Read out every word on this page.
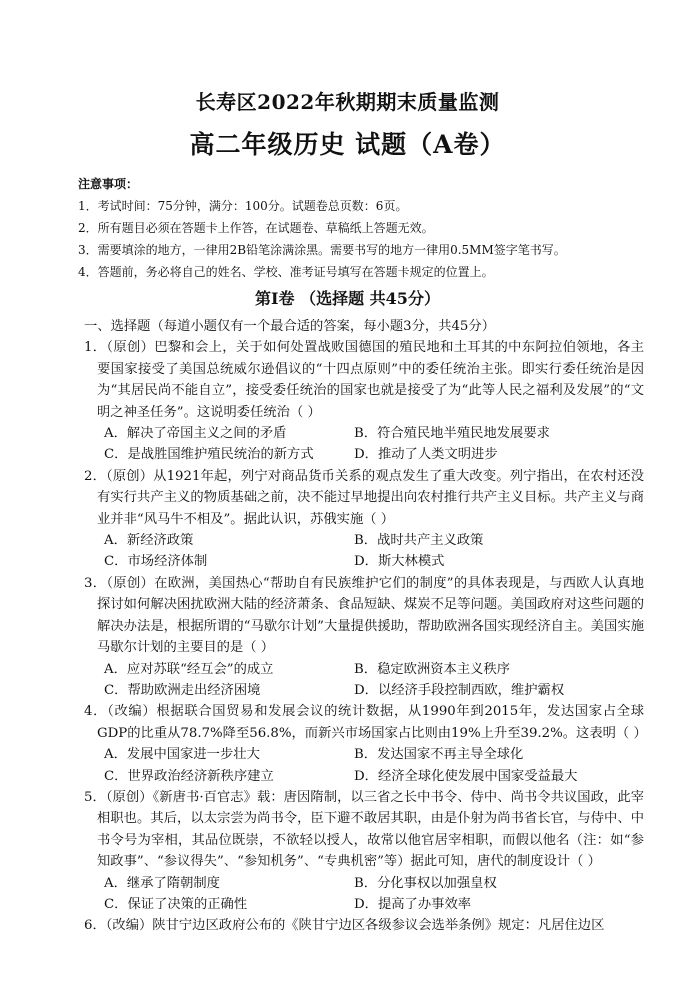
长寿区2022年秋期期末质量监测
高二年级历史 试题（A卷）
注意事项：
1．考试时间：75分钟，满分：100分。试题卷总页数：6页。
2．所有题目必须在答题卡上作答，在试题卷、草稿纸上答题无效。
3．需要填涂的地方，一律用2B铅笔涂满涂黑。需要书写的地方一律用0.5MM签字笔书写。
4．答题前，务必将自己的姓名、学校、准考证号填写在答题卡规定的位置上。
第Ⅰ卷 （选择题 共45分）
一、选择题（每道小题仅有一个最合适的答案，每小题3分，共45分）
1．（原创）巴黎和会上，关于如何处置战败国德国的殖民地和土耳其的中东阿拉伯领地，各主要国家接受了美国总统威尔逊倡议的“十四点原则”中的委任统治主张。即实行委任统治是因为“其居民尚不能自立”，接受委任统治的国家也就是接受了为“此等人民之福利及发展”的“文明之神圣任务”。这说明委任统治（ ）
A．解决了帝国主义之间的矛盾	B．符合殖民地半殖民地发展要求
C．是战胜国维护殖民统治的新方式	D．推动了人类文明进步
2．（原创）从1921年起，列宁对商品货币关系的观点发生了重大改变。列宁指出，在农村还没有实行共产主义的物质基础之前，决不能过早地提出向农村推行共产主义目标。共产主义与商业并非“风马牛不相及”。据此认识，苏俄实施（ ）
A．新经济政策	B．战时共产主义政策
C．市场经济体制	D．斯大林模式
3．（原创）在欧洲，美国热心“帮助自有民族维护它们的制度”的具体表现是，与西欧人认真地探讨如何解决困扰欧洲大陆的经济萧条、食品短缺、煤炭不足等问题。美国政府对这些问题的解决办法是，根据所谓的“马歇尔计划”大量提供援助，帮助欧洲各国实现经济自主。美国实施马歇尔计划的主要目的是（ ）
A．应对苏联“经互会”的成立	B．稳定欧洲资本主义秩序
C．帮助欧洲走出经济困境	D．以经济手段控制西欧，维护霸权
4．（改编）根据联合国贸易和发展会议的统计数据，从1990年到2015年，发达国家占全球GDP的比重从78.7%降至56.8%，而新兴市场国家占比则由19%上升至39.2%。这表明（ ）
A．发展中国家进一步壮大	B．发达国家不再主导全球化
C．世界政治经济新秩序建立	D．经济全球化使发展中国家受益最大
5．（原创）《新唐书·百官志》载：唐因隋制，以三省之长中书令、侍中、尚书令共议国政，此宰相职也。其后，以太宗尝为尚书令，臣下避不敢居其职，由是仆射为尚书省长官，与侍中、中书令号为宰相，其品位既崇，不欲轻以授人，故常以他官居宰相职，而假以他名（注：如“参知政事”、“参议得失”、“参知机务”、“专典机密”等）据此可知，唐代的制度设计（ ）
A．继承了隋朝制度	B．分化事权以加强皇权
C．保证了决策的正确性	D．提高了办事效率
6．（改编）陕甘宁边区政府公布的《陕甘宁边区各级参议会选举条例》规定：凡居住边区
